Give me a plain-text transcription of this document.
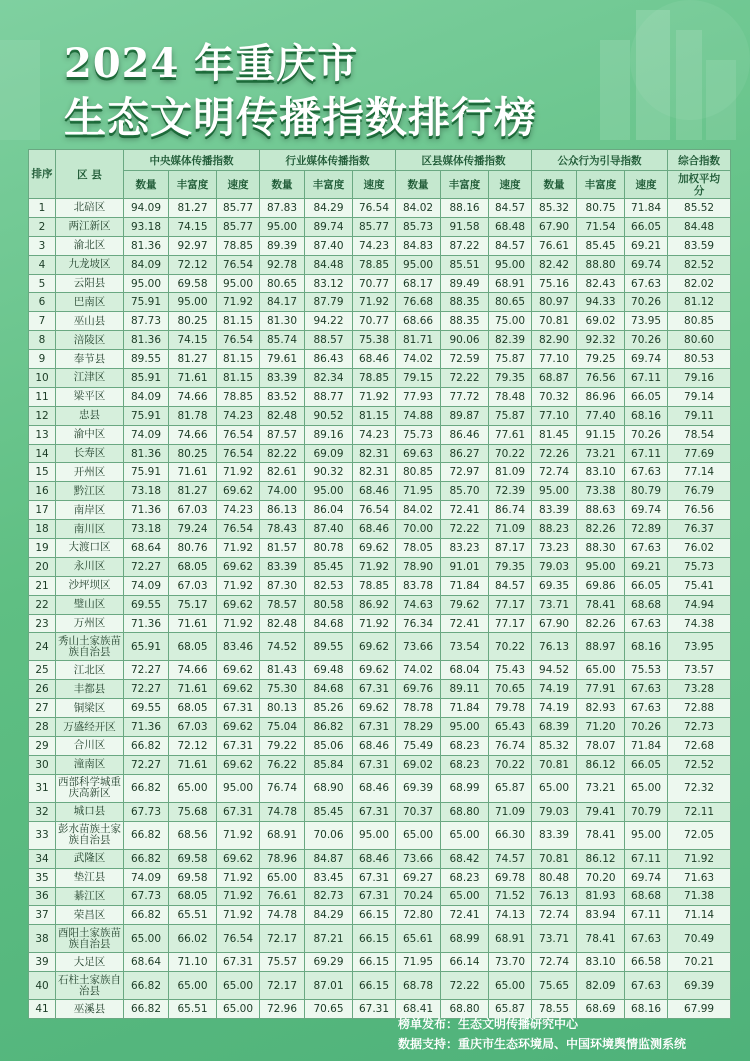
2024 年重庆市
生态文明传播指数排行榜
排序	区 县	中央媒体传播指数			行业媒体传播指数			区县媒体传播指数			公众行为引导指数			综合指数
		数量	丰富度	速度	数量	丰富度	速度	数量	丰富度	速度	数量	丰富度	速度	加权平均分
1	北碚区	94.09	81.27	85.77	87.83	84.29	76.54	84.02	88.16	84.57	85.32	80.75	71.84	85.52
2	两江新区	93.18	74.15	85.77	95.00	89.74	85.77	85.73	91.58	68.48	67.90	71.54	66.05	84.48
3	渝北区	81.36	92.97	78.85	89.39	87.40	74.23	84.83	87.22	84.57	76.61	85.45	69.21	83.59
4	九龙坡区	84.09	72.12	76.54	92.78	84.48	78.85	95.00	85.51	95.00	82.42	88.80	69.74	82.52
5	云阳县	95.00	69.58	95.00	80.65	83.12	70.77	68.17	89.49	68.91	75.16	82.43	67.63	82.02
6	巴南区	75.91	95.00	71.92	84.17	87.79	71.92	76.68	88.35	80.65	80.97	94.33	70.26	81.12
7	巫山县	87.73	80.25	81.15	81.30	94.22	70.77	68.66	88.35	75.00	70.81	69.02	73.95	80.85
8	涪陵区	81.36	74.15	76.54	85.74	88.57	75.38	81.71	90.06	82.39	82.90	92.32	70.26	80.60
9	奉节县	89.55	81.27	81.15	79.61	86.43	68.46	74.02	72.59	75.87	77.10	79.25	69.74	80.53
10	江津区	85.91	71.61	81.15	83.39	82.34	78.85	79.15	72.22	79.35	68.87	76.56	67.11	79.16
11	梁平区	84.09	74.66	78.85	83.52	88.77	71.92	77.93	77.72	78.48	70.32	86.96	66.05	79.14
12	忠县	75.91	81.78	74.23	82.48	90.52	81.15	74.88	89.87	75.87	77.10	77.40	68.16	79.11
13	渝中区	74.09	74.66	76.54	87.57	89.16	74.23	75.73	86.46	77.61	81.45	91.15	70.26	78.54
14	长寿区	81.36	80.25	76.54	82.22	69.09	82.31	69.63	86.27	70.22	72.26	73.21	67.11	77.69
15	开州区	75.91	71.61	71.92	82.61	90.32	82.31	80.85	72.97	81.09	72.74	83.10	67.63	77.14
16	黔江区	73.18	81.27	69.62	74.00	95.00	68.46	71.95	85.70	72.39	95.00	73.38	80.79	76.79
17	南岸区	71.36	67.03	74.23	86.13	86.04	76.54	84.02	72.41	86.74	83.39	88.63	69.74	76.56
18	南川区	73.18	79.24	76.54	78.43	87.40	68.46	70.00	72.22	71.09	88.23	82.26	72.89	76.37
19	大渡口区	68.64	80.76	71.92	81.57	80.78	69.62	78.05	83.23	87.17	73.23	88.30	67.63	76.02
20	永川区	72.27	68.05	69.62	83.39	85.45	71.92	78.90	91.01	79.35	79.03	95.00	69.21	75.73
21	沙坪坝区	74.09	67.03	71.92	87.30	82.53	78.85	83.78	71.84	84.57	69.35	69.86	66.05	75.41
22	璧山区	69.55	75.17	69.62	78.57	80.58	86.92	74.63	79.62	77.17	73.71	78.41	68.68	74.94
23	万州区	71.36	71.61	71.92	82.48	84.68	71.92	76.34	72.41	77.17	67.90	82.26	67.63	74.38
24	秀山土家族苗族自治县	65.91	68.05	83.46	74.52	89.55	69.62	73.66	73.54	70.22	76.13	88.97	68.16	73.95
25	江北区	72.27	74.66	69.62	81.43	69.48	69.62	74.02	68.04	75.43	94.52	65.00	75.53	73.57
26	丰都县	72.27	71.61	69.62	75.30	84.68	67.31	69.76	89.11	70.65	74.19	77.91	67.63	73.28
27	铜梁区	69.55	68.05	67.31	80.13	85.26	69.62	78.78	71.84	79.78	74.19	82.93	67.63	72.88
28	万盛经开区	71.36	67.03	69.62	75.04	86.82	67.31	78.29	95.00	65.43	68.39	71.20	70.26	72.73
29	合川区	66.82	72.12	67.31	79.22	85.06	68.46	75.49	68.23	76.74	85.32	78.07	71.84	72.68
30	潼南区	72.27	71.61	69.62	76.22	85.84	67.31	69.02	68.23	70.22	70.81	86.12	66.05	72.52
31	西部科学城重庆高新区	66.82	65.00	95.00	76.74	68.90	68.46	69.39	68.99	65.87	65.00	73.21	65.00	72.32
32	城口县	67.73	75.68	67.31	74.78	85.45	67.31	70.37	68.80	71.09	79.03	79.41	70.79	72.11
33	彭水苗族土家族自治县	66.82	68.56	71.92	68.91	70.06	95.00	65.00	65.00	66.30	83.39	78.41	95.00	72.05
34	武隆区	66.82	69.58	69.62	78.96	84.87	68.46	73.66	68.42	74.57	70.81	86.12	67.11	71.92
35	垫江县	74.09	69.58	71.92	65.00	83.45	67.31	69.27	68.23	69.78	80.48	70.20	69.74	71.63
36	綦江区	67.73	68.05	71.92	76.61	82.73	67.31	70.24	65.00	71.52	76.13	81.93	68.68	71.38
37	荣昌区	66.82	65.51	71.92	74.78	84.29	66.15	72.80	72.41	74.13	72.74	83.94	67.11	71.14
38	酉阳土家族苗族自治县	65.00	66.02	76.54	72.17	87.21	66.15	65.61	68.99	68.91	73.71	78.41	67.63	70.49
39	大足区	68.64	71.10	67.31	75.57	69.29	66.15	71.95	66.14	73.70	72.74	83.10	66.58	70.21
40	石柱土家族自治县	66.82	65.00	65.00	72.17	87.01	66.15	68.78	72.22	65.00	75.65	82.09	67.63	69.39
41	巫溪县	66.82	65.51	65.00	72.96	70.65	67.31	68.41	68.80	65.87	78.55	68.69	68.16	67.99
榜单发布：生态文明传播研究中心
数据支持：重庆市生态环境局、中国环境舆情监测系统
